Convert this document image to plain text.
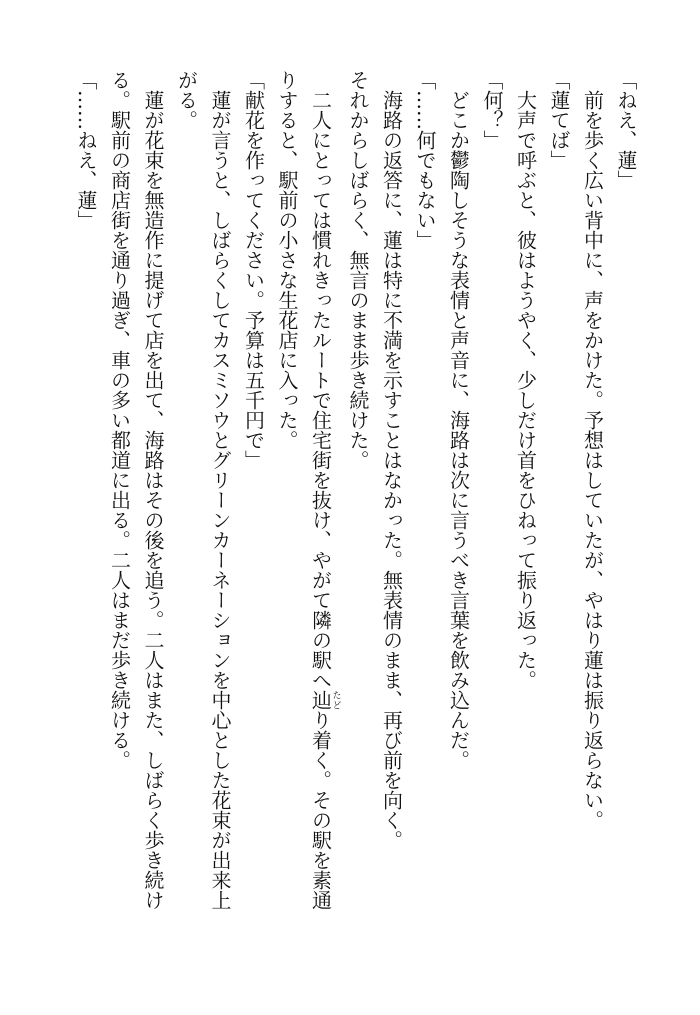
「ねえ、蓮」
前を歩く広い背中に、声をかけた。予想はしていたが、やはり蓮は振り返らない。
「蓮てば」
大声で呼ぶと、彼はようやく、少しだけ首をひねって振り返った。
「何？」
どこか鬱陶しそうな表情と声音に、海路は次に言うべき言葉を飲み込んだ。
「……何でもない」
海路の返答に、蓮は特に不満を示すことはなかった。無表情のまま、再び前を向く。
それからしばらく、無言のまま歩き続けた。
二人にとっては慣れきったルートで住宅街を抜け、やがて隣の駅へ辿たどり着く。その駅を素通
りすると、駅前の小さな生花店に入った。
「献花を作ってください。予算は五千円で」
蓮が言うと、しばらくしてカスミソウとグリーンカーネーションを中心とした花束が出来上
がる。
蓮が花束を無造作に提げて店を出て、海路はその後を追う。二人はまた、しばらく歩き続け
る。駅前の商店街を通り過ぎ、車の多い都道に出る。二人はまだ歩き続ける。
「……ねえ、蓮」
